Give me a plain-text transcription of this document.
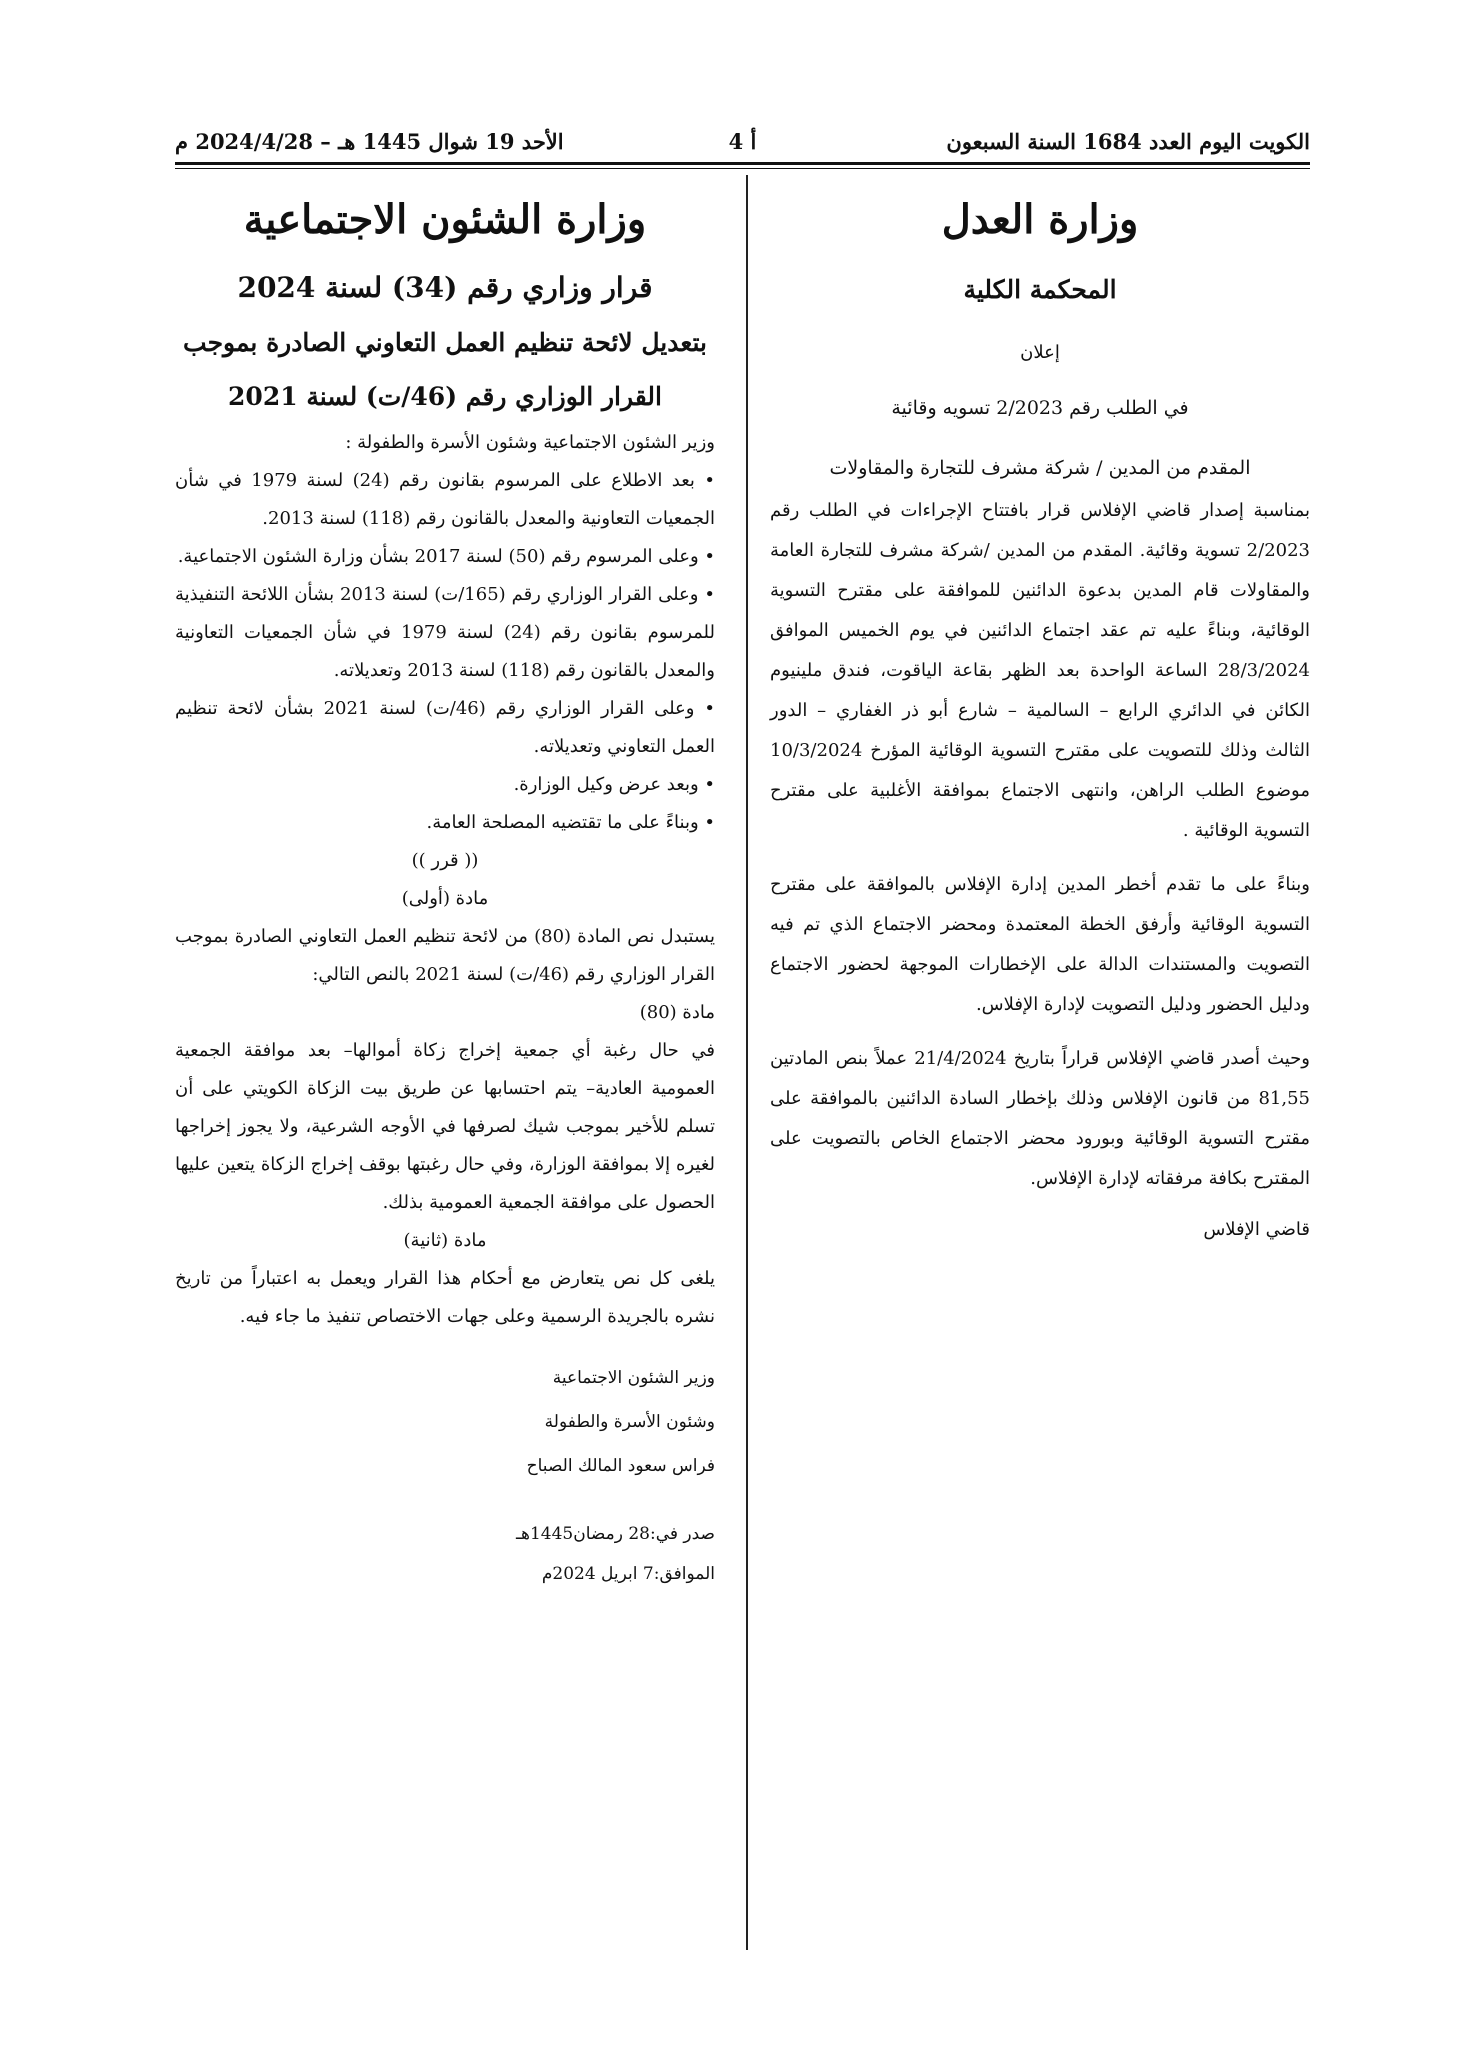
الكويت اليوم العدد 1684 السنة السبعون
أ 4
الأحد 19 شوال 1445 هـ – 2024/4/28 م
وزارة العدل
المحكمة الكلية
إعلان
في الطلب رقم 2/2023 تسويه وقائية
المقدم من المدين / شركة مشرف للتجارة والمقاولات

بمناسبة إصدار قاضي الإفلاس قرار بافتتاح الإجراءات في الطلب رقم 2/2023 تسوية وقائية. المقدم من المدين /شركة مشرف للتجارة العامة والمقاولات قام المدين بدعوة الدائنين للموافقة على مقترح التسوية الوقائية، وبناءً عليه تم عقد اجتماع الدائنين في يوم الخميس الموافق 28/3/2024 الساعة الواحدة بعد الظهر بقاعة الياقوت، فندق ملينيوم الكائن في الدائري الرابع – السالمية – شارع أبو ذر الغفاري – الدور الثالث وذلك للتصويت على مقترح التسوية الوقائية المؤرخ 10/3/2024 موضوع الطلب الراهن، وانتهى الاجتماع بموافقة الأغلبية على مقترح التسوية الوقائية .

وبناءً على ما تقدم أخطر المدين إدارة الإفلاس بالموافقة على مقترح التسوية الوقائية وأرفق الخطة المعتمدة ومحضر الاجتماع الذي تم فيه التصويت والمستندات الدالة على الإخطارات الموجهة لحضور الاجتماع ودليل الحضور ودليل التصويت لإدارة الإفلاس.

وحيث أصدر قاضي الإفلاس قراراً بتاريخ 21/4/2024 عملاً بنص المادتين 81,55 من قانون الإفلاس وذلك بإخطار السادة الدائنين بالموافقة على مقترح التسوية الوقائية وبورود محضر الاجتماع الخاص بالتصويت على المقترح بكافة مرفقاته لإدارة الإفلاس.

قاضي الإفلاس
وزارة الشئون الاجتماعية
قرار وزاري رقم (34) لسنة 2024
بتعديل لائحة تنظيم العمل التعاوني الصادرة بموجب القرار الوزاري رقم (46/ت) لسنة 2021

وزير الشئون الاجتماعية وشئون الأسرة والطفولة :

• بعد الاطلاع على المرسوم بقانون رقم (24) لسنة 1979 في شأن الجمعيات التعاونية والمعدل بالقانون رقم (118) لسنة 2013.

• وعلى المرسوم رقم (50) لسنة 2017 بشأن وزارة الشئون الاجتماعية.

• وعلى القرار الوزاري رقم (165/ت) لسنة 2013 بشأن اللائحة التنفيذية للمرسوم بقانون رقم (24) لسنة 1979 في شأن الجمعيات التعاونية والمعدل بالقانون رقم (118) لسنة 2013 وتعديلاته.

• وعلى القرار الوزاري رقم (46/ت) لسنة 2021 بشأن لائحة تنظيم العمل التعاوني وتعديلاته.

• وبعد عرض وكيل الوزارة.

• وبناءً على ما تقتضيه المصلحة العامة.

(( قرر ))

مادة (أولى)

يستبدل نص المادة (80) من لائحة تنظيم العمل التعاوني الصادرة بموجب القرار الوزاري رقم (46/ت) لسنة 2021 بالنص التالي:

مادة (80)

في حال رغبة أي جمعية إخراج زكاة أموالها– بعد موافقة الجمعية العمومية العادية– يتم احتسابها عن طريق بيت الزكاة الكويتي على أن تسلم للأخير بموجب شيك لصرفها في الأوجه الشرعية، ولا يجوز إخراجها لغيره إلا بموافقة الوزارة، وفي حال رغبتها بوقف إخراج الزكاة يتعين عليها الحصول على موافقة الجمعية العمومية بذلك.

مادة (ثانية)

يلغى كل نص يتعارض مع أحكام هذا القرار ويعمل به اعتباراً من تاريخ نشره بالجريدة الرسمية وعلى جهات الاختصاص تنفيذ ما جاء فيه.

وزير الشئون الاجتماعية
وشئون الأسرة والطفولة
فراس سعود المالك الصباح
صدر في:28 رمضان1445هـ
الموافق:7 ابريل 2024م
